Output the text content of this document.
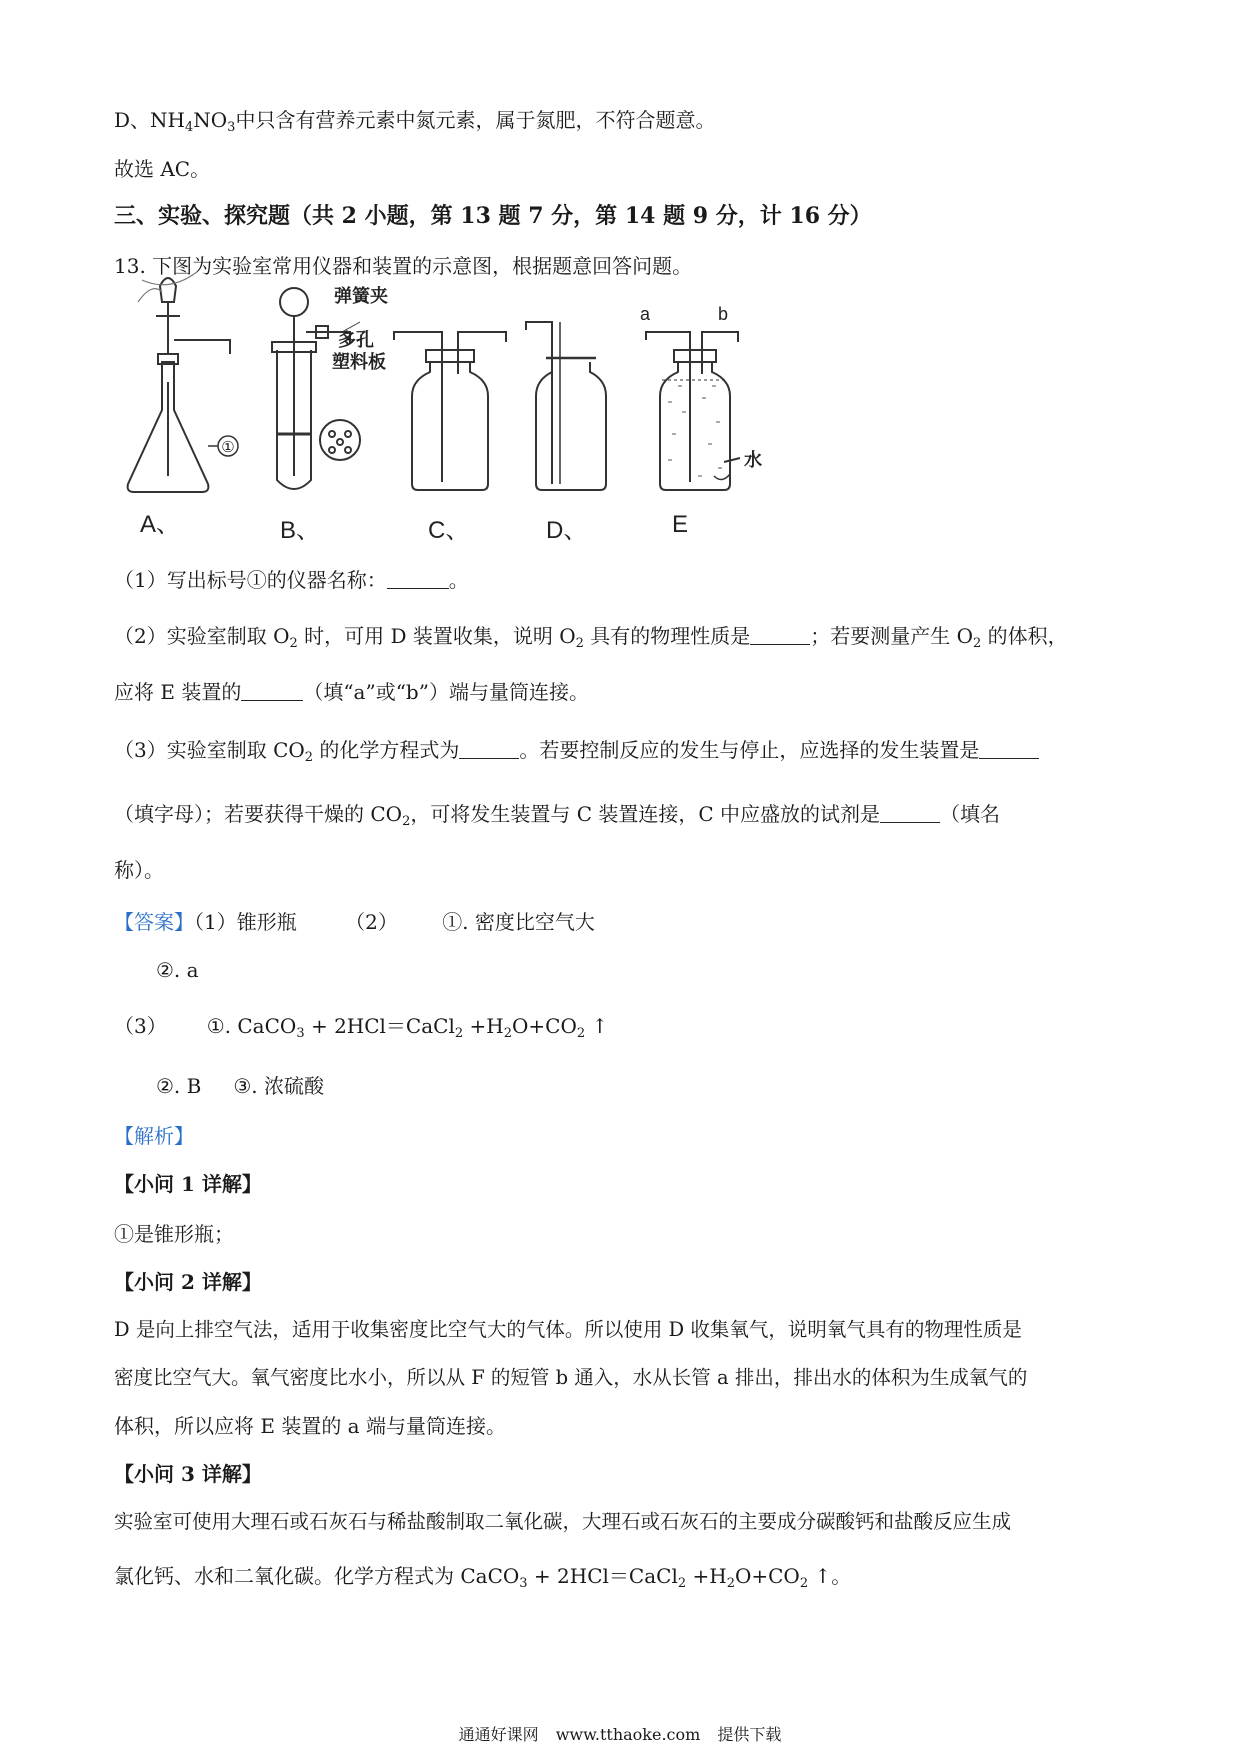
D、$NH_4NO_3$中只含有营养元素中氮元素，属于氮肥，不符合题意。
故选 AC。
三、实验、探究题（共 2 小题，第 13 题 7 分，第 14 题 9 分，计 16 分）
13. 下图为实验室常用仪器和装置的示意图，根据题意回答问题。
①
A、
弹簧夹
多孔
塑料板
B、	C、	D、
a	b
水
E
（1）写出标号①的仪器名称：	。
（2）实验室制取 $O_2$ 时，可用 D 装置收集，说明 $O_2$ 具有的物理性质是	；若要测量产生 $O_2$ 的体积，
应将 E 装置的	（填“a”或“b”）端与量筒连接。
（3）实验室制取 $CO_2$ 的化学方程式为	。若要控制反应的发生与停止，应选择的发生装置是
（填字母）；若要获得干燥的 $CO_2$，可将发生装置与 C 装置连接，C 中应盛放的试剂是	（填名
称）。
【答案】（1）锥形瓶 （2） ①. 密度比空气大
②. a
（3） ①. CaCO$_3$ + 2HCl＝CaCl$_2$ $+H_2O+CO_2$ ↑
②. B ③. 浓硫酸
【解析】
【小问 1 详解】
①是锥形瓶；
【小问 2 详解】
D 是向上排空气法，适用于收集密度比空气大的气体。所以使用 D 收集氧气，说明氧气具有的物理性质是
密度比空气大。氧气密度比水小，所以从 F 的短管 b 通入，水从长管 a 排出，排出水的体积为生成氧气的
体积，所以应将 E 装置的 a 端与量筒连接。
【小问 3 详解】
实验室可使用大理石或石灰石与稀盐酸制取二氧化碳，大理石或石灰石的主要成分碳酸钙和盐酸反应生成
氯化钙、水和二氧化碳。化学方程式为 CaCO$_3$ + 2HCl＝CaCl$_2$ $+H_2O+CO_2$ ↑。
通通好课网 www.tthaoke.com 提供下载
